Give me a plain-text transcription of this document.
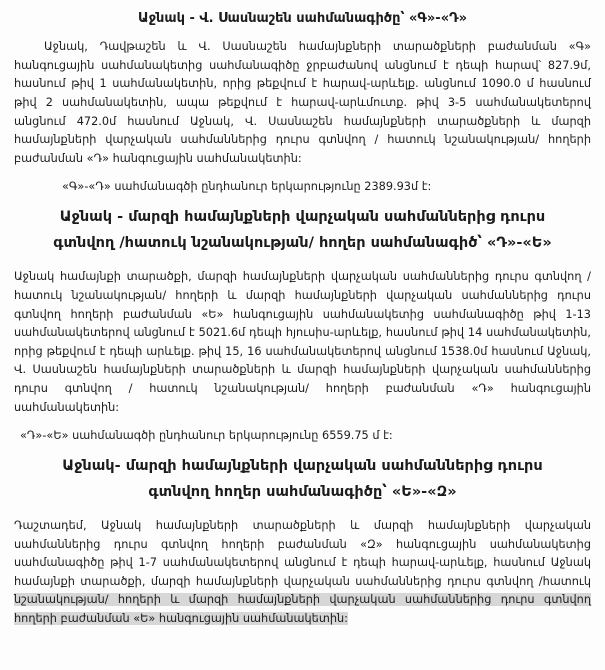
Աջնակ - Վ. Սասնաշեն սահմանագիծը՝ «Գ»-«Դ»

Աջնակ, Դավթաշեն և Վ. Սասնաշեն համայնքների տարածքների բաժանման «Գ» հանգուցային սահմանակետից սահմանագիծը ջրբաժանով անցնում է դեպի հարավ՝ 827.9մ, հասնում թիվ 1 սահմանակետին, որից թեքվում է հարավ-արևելք. անցնում 1090.0 մ հասնում թիվ 2 սահմանակետին, ապա թեքվում է հարավ-արևմուտք. թիվ 3-5 սահմանակետերով անցնում 472.0մ հասնում Աջնակ, Վ. Սասնաշեն համայնքների տարածքների և մարզի համայնքների վարչական սահմաններից դուրս գտնվող / հատուկ նշանակության/ հողերի բաժանման «Դ» հանգուցային սահմանակետին:

«Գ»-«Դ» սահմանագծի ընդհանուր երկարությունը 2389.93մ է:
Աջնակ - մարզի համայնքների վարչական սահմաններից դուրս գտնվող /հատուկ նշանակության/ հողեր սահմանագիծ՝ «Դ»-«Ե»

Աջնակ համայնքի տարածքի, մարզի համայնքների վարչական սահմաններից դուրս գտնվող /հատուկ նշանակության/ հողերի և մարզի համայնքների վարչական սահմաններից դուրս գտնվող հողերի բաժանման «Ե» հանգուցային սահմանակետից սահմանագիծը թիվ 1-13 սահմանակետերով անցնում է 5021.6մ դեպի հյուսիս-արևելք, հասնում թիվ 14 սահմանակետին, որից թեքվում է դեպի արևելք. թիվ 15, 16 սահմանակետերով անցնում 1538.0մ հասնում Աջնակ, Վ. Սասնաշեն համայնքների տարածքների և մարզի համայնքների վարչական սահմաններից դուրս գտնվող / հատուկ նշանակության/ հողերի բաժանման «Դ» հանգուցային սահմանակետին:

«Դ»-«Ե» սահմանագծի ընդհանուր երկարությունը 6559.75 մ է:
Աջնակ- մարզի համայնքների վարչական սահմաններից դուրս գտնվող հողեր սահմանագիծը՝ «Ե»-«Զ»

Դաշտադեմ, Աջնակ համայնքների տարածքների և մարզի համայնքների վարչական սահմաններից դուրս գտնվող հողերի բաժանման «Զ» հանգուցային սահմանակետից սահմանագիծը թիվ 1-7 սահմանակետերով անցնում է դեպի հարավ-արևելք, հասնում Աջնակ համայնքի տարածքի, մարզի համայնքների վարչական սահմաններից դուրս գտնվող /հատուկ նշանակության/ հողերի և մարզի համայնքների վարչական սահմաններից դուրս գտնվող հողերի բաժանման «Ե» հանգուցային սահմանակետին:
